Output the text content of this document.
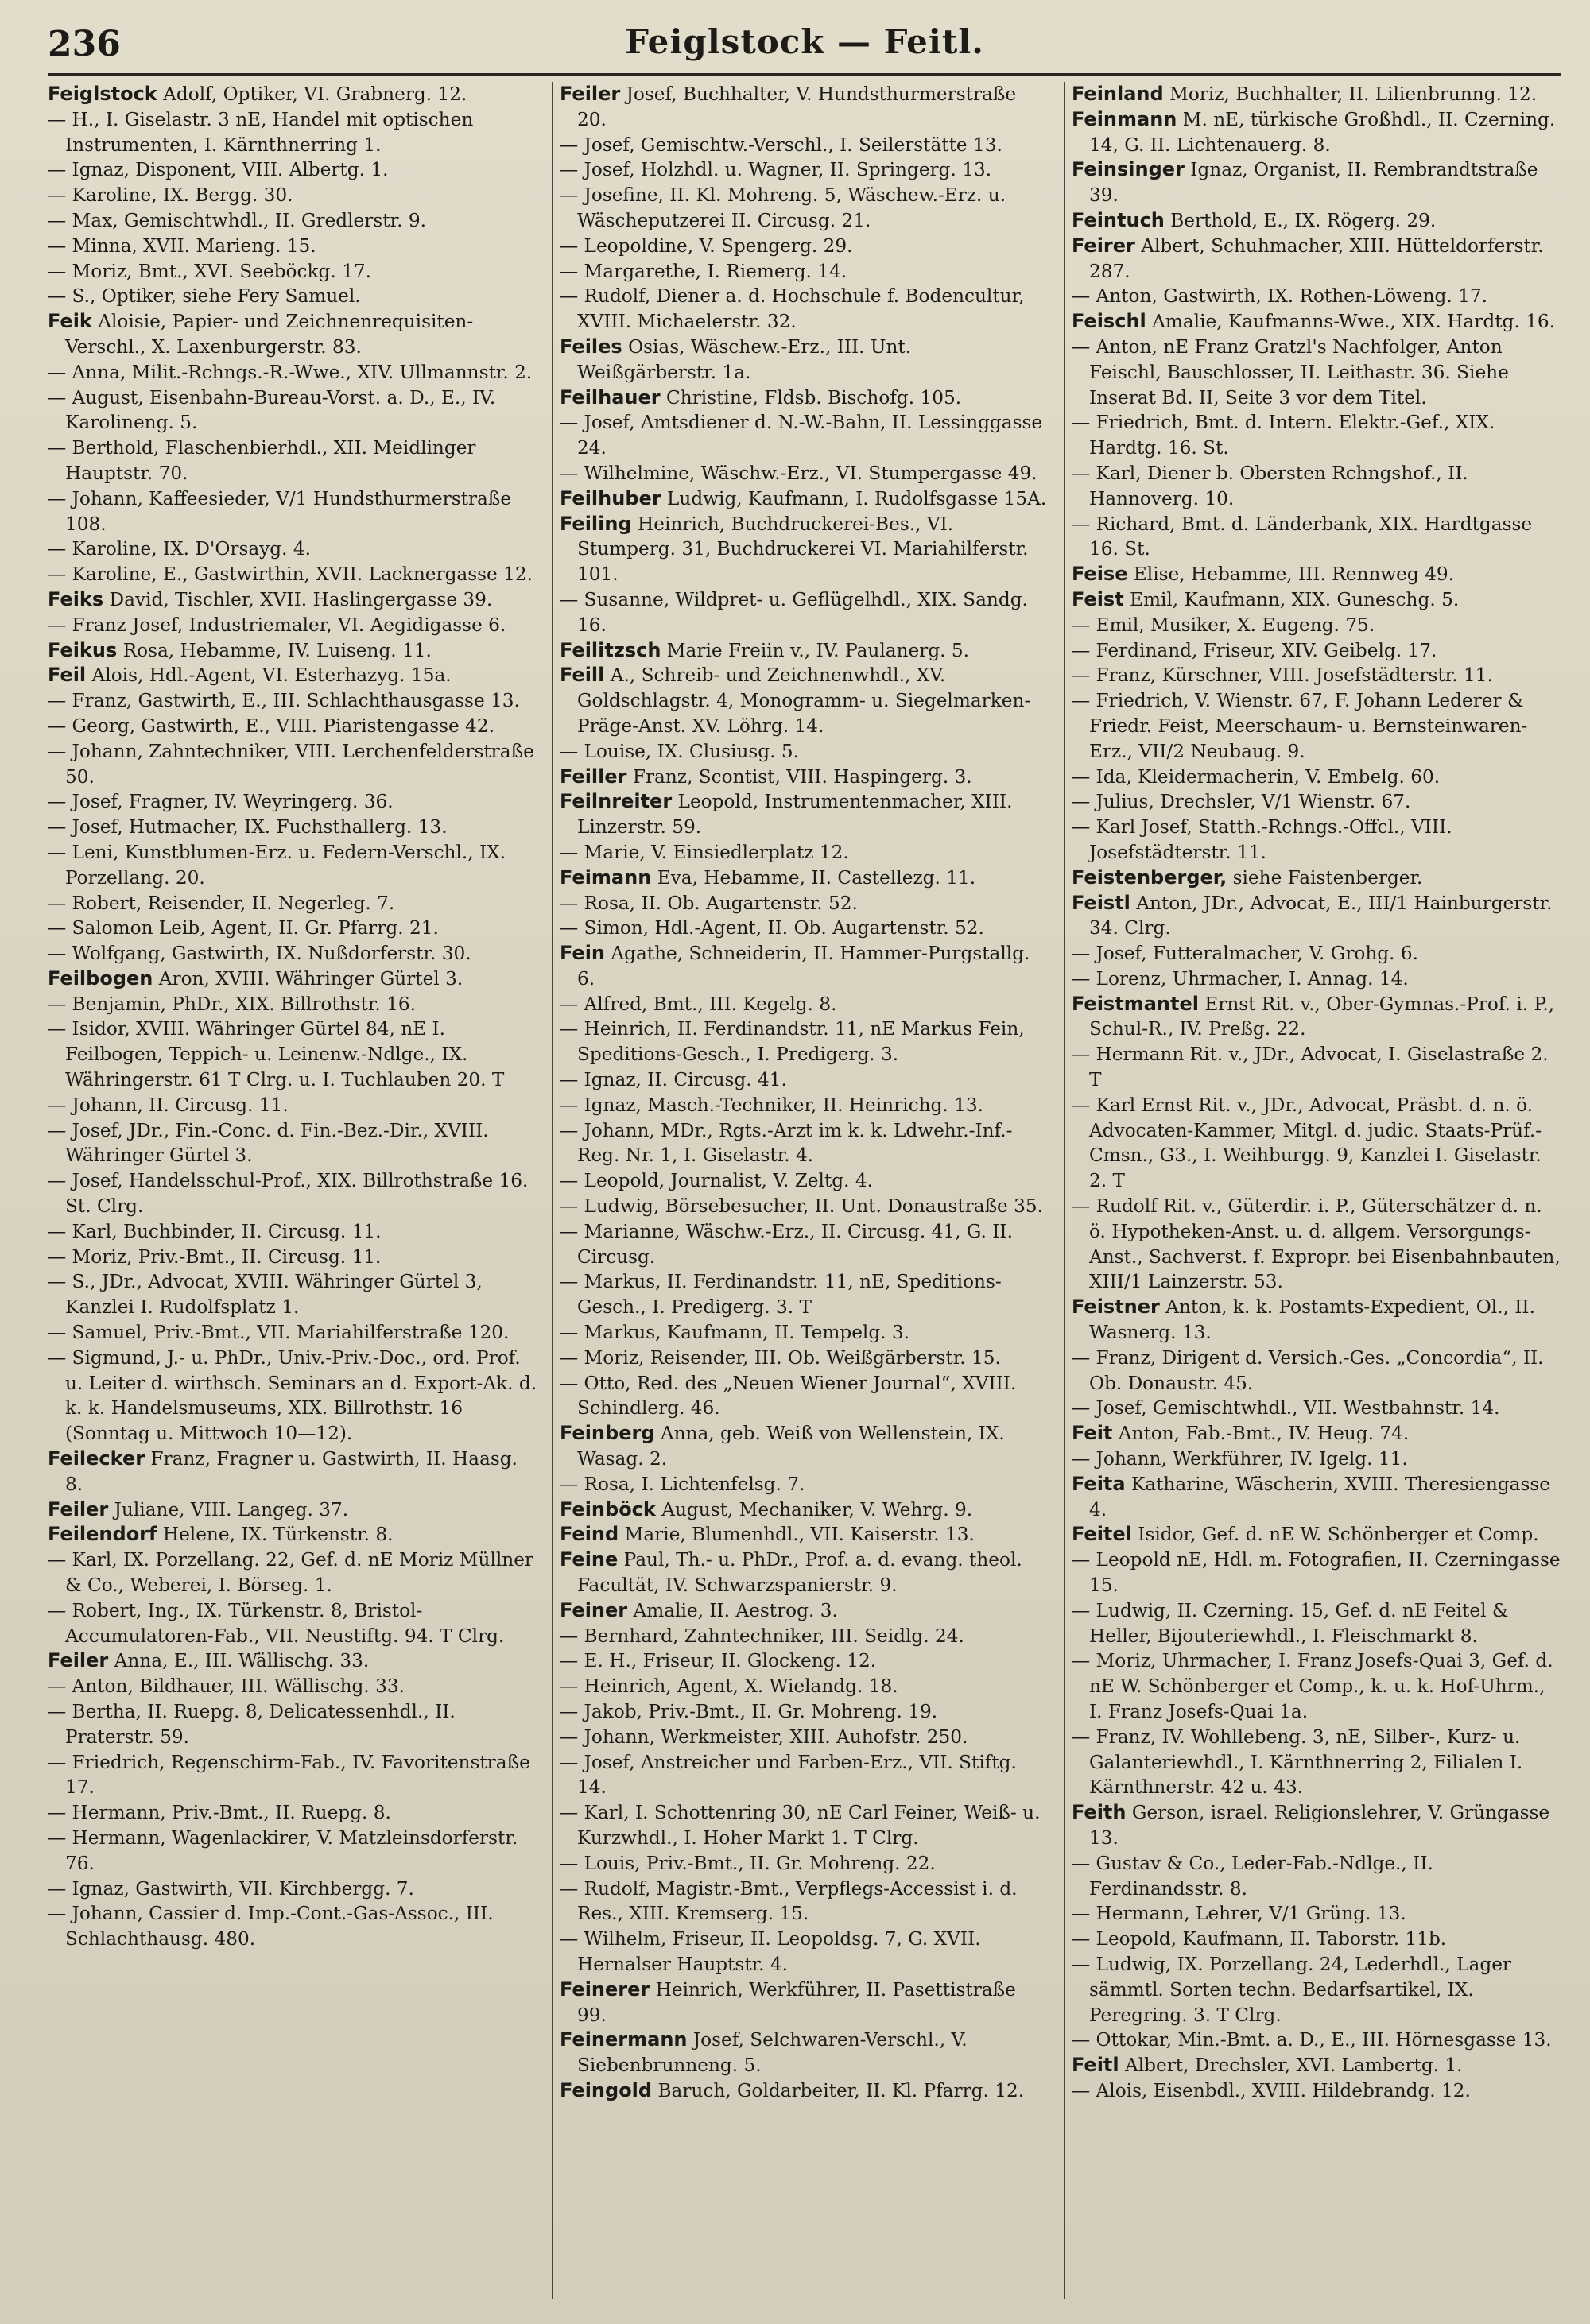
236	Feiglstock — Feitl.
Feiglstock Adolf, Optiker, VI. Grabnerg. 12.
— H., I. Giselastr. 3 nE, Handel mit optischen Instrumenten, I. Kärnthnerring 1.
— Ignaz, Disponent, VIII. Albertg. 1.
— Karoline, IX. Bergg. 30.
— Max, Gemischtwhdl., II. Gredlerstr. 9.
— Minna, XVII. Marieng. 15.
— Moriz, Bmt., XVI. Seeböckg. 17.
— S., Optiker, siehe Fery Samuel.
Feik Aloisie, Papier- und Zeichnenrequisiten-Verschl., X. Laxenburgerstr. 83.
— Anna, Milit.-Rchngs.-R.-Wwe., XIV. Ullmannstr. 2.
— August, Eisenbahn-Bureau-Vorst. a. D., E., IV. Karolineng. 5.
— Berthold, Flaschenbierhdl., XII. Meidlinger Hauptstr. 70.
— Johann, Kaffeesieder, V/1 Hundsthurmerstraße 108.
— Karoline, IX. D'Orsayg. 4.
— Karoline, E., Gastwirthin, XVII. Lacknergasse 12.
Feiks David, Tischler, XVII. Haslingergasse 39.
— Franz Josef, Industriemaler, VI. Aegidigasse 6.
Feikus Rosa, Hebamme, IV. Luiseng. 11.
Feil Alois, Hdl.-Agent, VI. Esterhazyg. 15a.
— Franz, Gastwirth, E., III. Schlachthausgasse 13.
— Georg, Gastwirth, E., VIII. Piaristengasse 42.
— Johann, Zahntechniker, VIII. Lerchenfelderstraße 50.
— Josef, Fragner, IV. Weyringerg. 36.
— Josef, Hutmacher, IX. Fuchsthallerg. 13.
— Leni, Kunstblumen-Erz. u. Federn-Verschl., IX. Porzellang. 20.
— Robert, Reisender, II. Negerleg. 7.
— Salomon Leib, Agent, II. Gr. Pfarrg. 21.
— Wolfgang, Gastwirth, IX. Nußdorferstr. 30.
Feilbogen Aron, XVIII. Währinger Gürtel 3.
— Benjamin, PhDr., XIX. Billrothstr. 16.
— Isidor, XVIII. Währinger Gürtel 84, nE I. Feilbogen, Teppich- u. Leinenw.-Ndlge., IX. Währingerstr. 61 T Clrg. u. I. Tuchlauben 20. T
— Johann, II. Circusg. 11.
— Josef, JDr., Fin.-Conc. d. Fin.-Bez.-Dir., XVIII. Währinger Gürtel 3.
— Josef, Handelsschul-Prof., XIX. Billrothstraße 16. St. Clrg.
— Karl, Buchbinder, II. Circusg. 11.
— Moriz, Priv.-Bmt., II. Circusg. 11.
— S., JDr., Advocat, XVIII. Währinger Gürtel 3, Kanzlei I. Rudolfsplatz 1.
— Samuel, Priv.-Bmt., VII. Mariahilferstraße 120.
— Sigmund, J.- u. PhDr., Univ.-Priv.-Doc., ord. Prof. u. Leiter d. wirthsch. Seminars an d. Export-Ak. d. k. k. Handelsmuseums, XIX. Billrothstr. 16 (Sonntag u. Mittwoch 10—12).
Feilecker Franz, Fragner u. Gastwirth, II. Haasg. 8.
Feiler Juliane, VIII. Langeg. 37.
Feilendorf Helene, IX. Türkenstr. 8.
— Karl, IX. Porzellang. 22, Gef. d. nE Moriz Müllner & Co., Weberei, I. Börseg. 1.
— Robert, Ing., IX. Türkenstr. 8, Bristol-Accumulatoren-Fab., VII. Neustiftg. 94. T Clrg.
Feiler Anna, E., III. Wällischg. 33.
— Anton, Bildhauer, III. Wällischg. 33.
— Bertha, II. Ruepg. 8, Delicatessenhdl., II. Praterstr. 59.
— Friedrich, Regenschirm-Fab., IV. Favoritenstraße 17.
— Hermann, Priv.-Bmt., II. Ruepg. 8.
— Hermann, Wagenlackirer, V. Matzleinsdorferstr. 76.
— Ignaz, Gastwirth, VII. Kirchbergg. 7.
— Johann, Cassier d. Imp.-Cont.-Gas-Assoc., III. Schlachthausg. 480.
Feiler Josef, Buchhalter, V. Hundsthurmerstraße 20.
— Josef, Gemischtw.-Verschl., I. Seilerstätte 13.
— Josef, Holzhdl. u. Wagner, II. Springerg. 13.
— Josefine, II. Kl. Mohreng. 5, Wäschew.-Erz. u. Wäscheputzerei II. Circusg. 21.
— Leopoldine, V. Spengerg. 29.
— Margarethe, I. Riemerg. 14.
— Rudolf, Diener a. d. Hochschule f. Bodencultur, XVIII. Michaelerstr. 32.
Feiles Osias, Wäschew.-Erz., III. Unt. Weißgärberstr. 1a.
Feilhauer Christine, Fldsb. Bischofg. 105.
— Josef, Amtsdiener d. N.-W.-Bahn, II. Lessinggasse 24.
— Wilhelmine, Wäschw.-Erz., VI. Stumpergasse 49.
Feilhuber Ludwig, Kaufmann, I. Rudolfsgasse 15A.
Feiling Heinrich, Buchdruckerei-Bes., VI. Stumperg. 31, Buchdruckerei VI. Mariahilferstr. 101.
— Susanne, Wildpret- u. Geflügelhdl., XIX. Sandg. 16.
Feilitzsch Marie Freiin v., IV. Paulanerg. 5.
Feill A., Schreib- und Zeichnenwhdl., XV. Goldschlagstr. 4, Monogramm- u. Siegelmarken-Präge-Anst. XV. Löhrg. 14.
— Louise, IX. Clusiusg. 5.
Feiller Franz, Scontist, VIII. Haspingerg. 3.
Feilnreiter Leopold, Instrumentenmacher, XIII. Linzerstr. 59.
— Marie, V. Einsiedlerplatz 12.
Feimann Eva, Hebamme, II. Castellezg. 11.
— Rosa, II. Ob. Augartenstr. 52.
— Simon, Hdl.-Agent, II. Ob. Augartenstr. 52.
Fein Agathe, Schneiderin, II. Hammer-Purgstallg. 6.
— Alfred, Bmt., III. Kegelg. 8.
— Heinrich, II. Ferdinandstr. 11, nE Markus Fein, Speditions-Gesch., I. Predigerg. 3.
— Ignaz, II. Circusg. 41.
— Ignaz, Masch.-Techniker, II. Heinrichg. 13.
— Johann, MDr., Rgts.-Arzt im k. k. Ldwehr.-Inf.-Reg. Nr. 1, I. Giselastr. 4.
— Leopold, Journalist, V. Zeltg. 4.
— Ludwig, Börsebesucher, II. Unt. Donaustraße 35.
— Marianne, Wäschw.-Erz., II. Circusg. 41, G. II. Circusg.
— Markus, II. Ferdinandstr. 11, nE, Speditions-Gesch., I. Predigerg. 3. T
— Markus, Kaufmann, II. Tempelg. 3.
— Moriz, Reisender, III. Ob. Weißgärberstr. 15.
— Otto, Red. des „Neuen Wiener Journal“, XVIII. Schindlerg. 46.
Feinberg Anna, geb. Weiß von Wellenstein, IX. Wasag. 2.
— Rosa, I. Lichtenfelsg. 7.
Feinböck August, Mechaniker, V. Wehrg. 9.
Feind Marie, Blumenhdl., VII. Kaiserstr. 13.
Feine Paul, Th.- u. PhDr., Prof. a. d. evang. theol. Facultät, IV. Schwarzspanierstr. 9.
Feiner Amalie, II. Aestrog. 3.
— Bernhard, Zahntechniker, III. Seidlg. 24.
— E. H., Friseur, II. Glockeng. 12.
— Heinrich, Agent, X. Wielandg. 18.
— Jakob, Priv.-Bmt., II. Gr. Mohreng. 19.
— Johann, Werkmeister, XIII. Auhofstr. 250.
— Josef, Anstreicher und Farben-Erz., VII. Stiftg. 14.
— Karl, I. Schottenring 30, nE Carl Feiner, Weiß- u. Kurzwhdl., I. Hoher Markt 1. T Clrg.
— Louis, Priv.-Bmt., II. Gr. Mohreng. 22.
— Rudolf, Magistr.-Bmt., Verpflegs-Accessist i. d. Res., XIII. Kremserg. 15.
— Wilhelm, Friseur, II. Leopoldsg. 7, G. XVII. Hernalser Hauptstr. 4.
Feinerer Heinrich, Werkführer, II. Pasettistraße 99.
Feinermann Josef, Selchwaren-Verschl., V. Siebenbrunneng. 5.
Feingold Baruch, Goldarbeiter, II. Kl. Pfarrg. 12.
Feinland Moriz, Buchhalter, II. Lilienbrunng. 12.
Feinmann M. nE, türkische Großhdl., II. Czerning. 14, G. II. Lichtenauerg. 8.
Feinsinger Ignaz, Organist, II. Rembrandtstraße 39.
Feintuch Berthold, E., IX. Rögerg. 29.
Feirer Albert, Schuhmacher, XIII. Hütteldorferstr. 287.
— Anton, Gastwirth, IX. Rothen-Löweng. 17.
Feischl Amalie, Kaufmanns-Wwe., XIX. Hardtg. 16.
— Anton, nE Franz Gratzl's Nachfolger, Anton Feischl, Bauschlosser, II. Leithastr. 36. Siehe Inserat Bd. II, Seite 3 vor dem Titel.
— Friedrich, Bmt. d. Intern. Elektr.-Gef., XIX. Hardtg. 16. St.
— Karl, Diener b. Obersten Rchngshof., II. Hannoverg. 10.
— Richard, Bmt. d. Länderbank, XIX. Hardtgasse 16. St.
Feise Elise, Hebamme, III. Rennweg 49.
Feist Emil, Kaufmann, XIX. Guneschg. 5.
— Emil, Musiker, X. Eugeng. 75.
— Ferdinand, Friseur, XIV. Geibelg. 17.
— Franz, Kürschner, VIII. Josefstädterstr. 11.
— Friedrich, V. Wienstr. 67, F. Johann Lederer & Friedr. Feist, Meerschaum- u. Bernsteinwaren-Erz., VII/2 Neubaug. 9.
— Ida, Kleidermacherin, V. Embelg. 60.
— Julius, Drechsler, V/1 Wienstr. 67.
— Karl Josef, Statth.-Rchngs.-Offcl., VIII. Josefstädterstr. 11.
Feistenberger, siehe Faistenberger.
Feistl Anton, JDr., Advocat, E., III/1 Hainburgerstr. 34. Clrg.
— Josef, Futteralmacher, V. Grohg. 6.
— Lorenz, Uhrmacher, I. Annag. 14.
Feistmantel Ernst Rit. v., Ober-Gymnas.-Prof. i. P., Schul-R., IV. Preßg. 22.
— Hermann Rit. v., JDr., Advocat, I. Giselastraße 2. T
— Karl Ernst Rit. v., JDr., Advocat, Präsbt. d. n. ö. Advocaten-Kammer, Mitgl. d. judic. Staats-Prüf.-Cmsn., G3., I. Weihburgg. 9, Kanzlei I. Giselastr. 2. T
— Rudolf Rit. v., Güterdir. i. P., Güterschätzer d. n. ö. Hypotheken-Anst. u. d. allgem. Versorgungs-Anst., Sachverst. f. Expropr. bei Eisenbahnbauten, XIII/1 Lainzerstr. 53.
Feistner Anton, k. k. Postamts-Expedient, Ol., II. Wasnerg. 13.
— Franz, Dirigent d. Versich.-Ges. „Concordia“, II. Ob. Donaustr. 45.
— Josef, Gemischtwhdl., VII. Westbahnstr. 14.
Feit Anton, Fab.-Bmt., IV. Heug. 74.
— Johann, Werkführer, IV. Igelg. 11.
Feita Katharine, Wäscherin, XVIII. Theresiengasse 4.
Feitel Isidor, Gef. d. nE W. Schönberger et Comp.
— Leopold nE, Hdl. m. Fotografien, II. Czerningasse 15.
— Ludwig, II. Czerning. 15, Gef. d. nE Feitel & Heller, Bijouteriewhdl., I. Fleischmarkt 8.
— Moriz, Uhrmacher, I. Franz Josefs-Quai 3, Gef. d. nE W. Schönberger et Comp., k. u. k. Hof-Uhrm., I. Franz Josefs-Quai 1a.
— Franz, IV. Wohllebeng. 3, nE, Silber-, Kurz- u. Galanteriewhdl., I. Kärnthnerring 2, Filialen I. Kärnthnerstr. 42 u. 43.
Feith Gerson, israel. Religionslehrer, V. Grüngasse 13.
— Gustav & Co., Leder-Fab.-Ndlge., II. Ferdinandsstr. 8.
— Hermann, Lehrer, V/1 Grüng. 13.
— Leopold, Kaufmann, II. Taborstr. 11b.
— Ludwig, IX. Porzellang. 24, Lederhdl., Lager sämmtl. Sorten techn. Bedarfsartikel, IX. Peregring. 3. T Clrg.
— Ottokar, Min.-Bmt. a. D., E., III. Hörnesgasse 13.
Feitl Albert, Drechsler, XVI. Lambertg. 1.
— Alois, Eisenbdl., XVIII. Hildebrandg. 12.
